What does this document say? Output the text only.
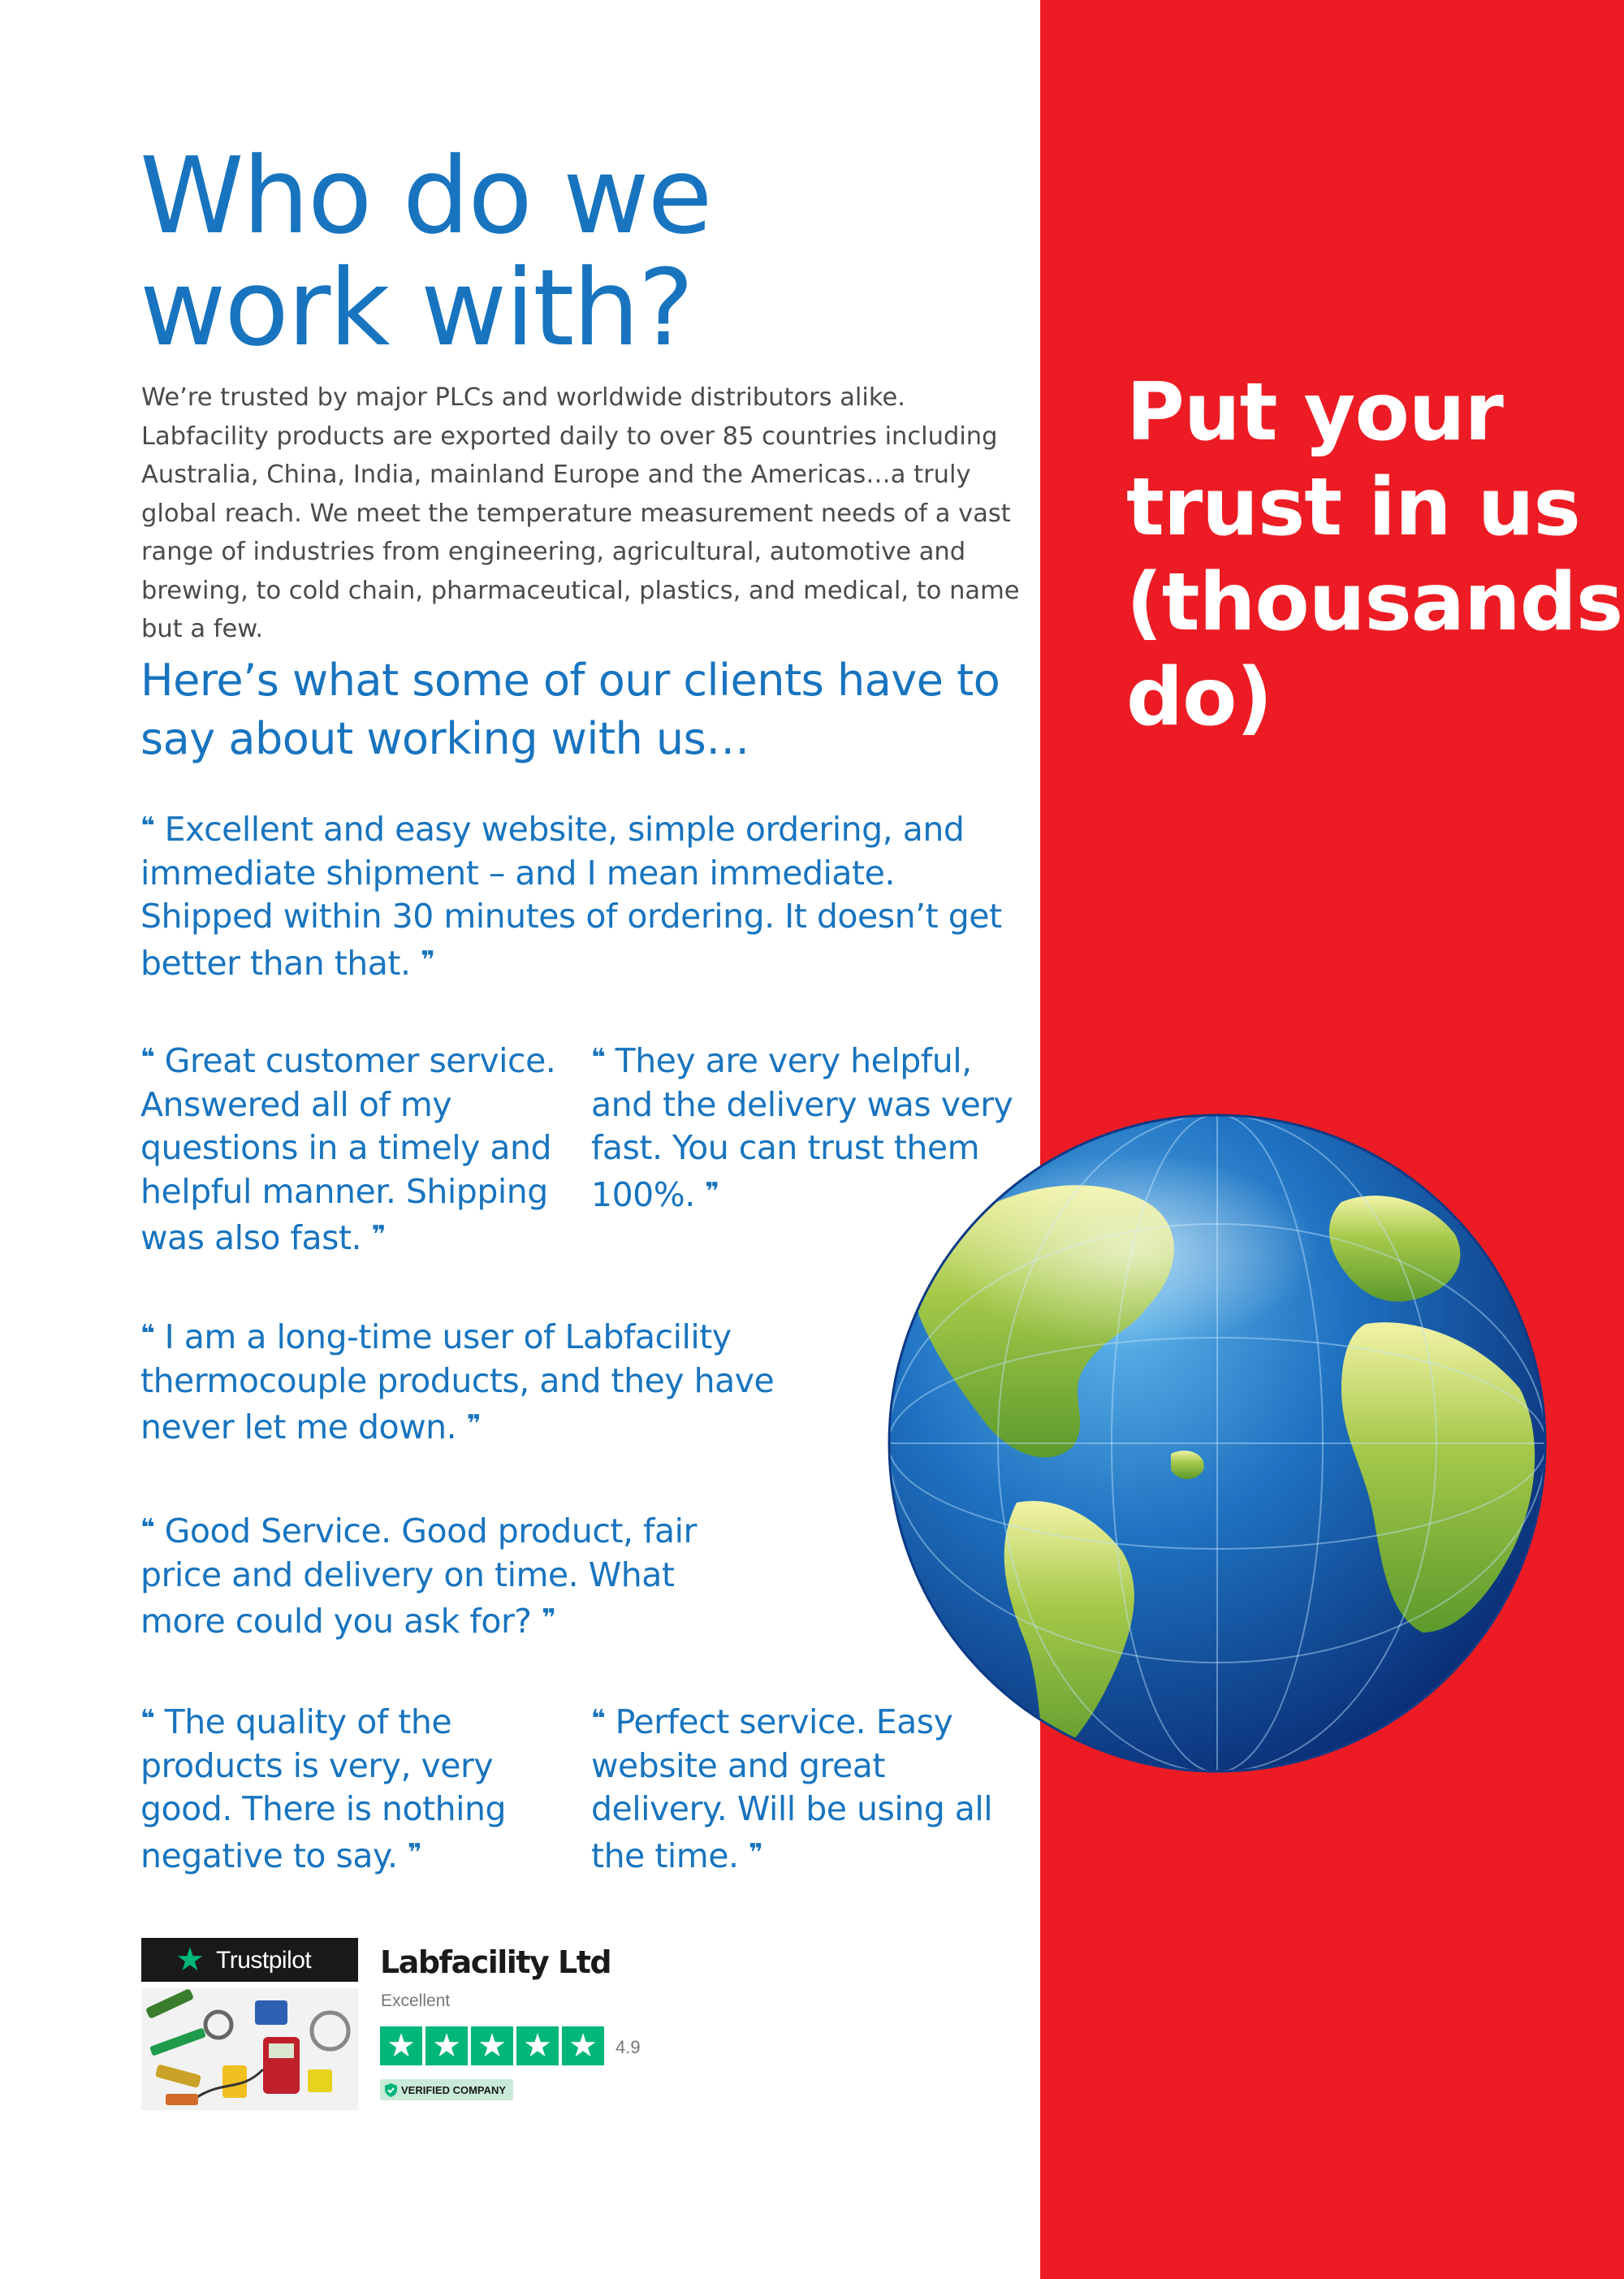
Who do we work with?

We’re trusted by major PLCs and worldwide distributors alike. Labfacility products are exported daily to over 85 countries including Australia, China, India, mainland Europe and the Americas…a truly global reach. We meet the temperature measurement needs of a vast range of industries from engineering, agricultural, automotive and brewing, to cold chain, pharmaceutical, plastics, and medical, to name but a few.

Here’s what some of our clients have to say about working with us…

❝ Excellent and easy website, simple ordering, and immediate shipment – and I mean immediate. Shipped within 30 minutes of ordering. It doesn’t get better than that. ❞

❝ Great customer service. Answered all of my questions in a timely and helpful manner. Shipping was also fast. ❞

❝ They are very helpful, and the delivery was very fast. You can trust them 100%. ❞

❝ I am a long-time user of Labfacility thermocouple products, and they have never let me down. ❞

❝ Good Service. Good product, fair price and delivery on time. What more could you ask for? ❞

❝ The quality of the products is very, very good. There is nothing negative to say. ❞

❝ Perfect service. Easy website and great delivery. Will be using all the time. ❞

Put your trust in us (thousands do)
★ Trustpilot Labfacility Ltd

Excellent
★ ★ ★ ★ ★	4.9
VERIFIED COMPANY
